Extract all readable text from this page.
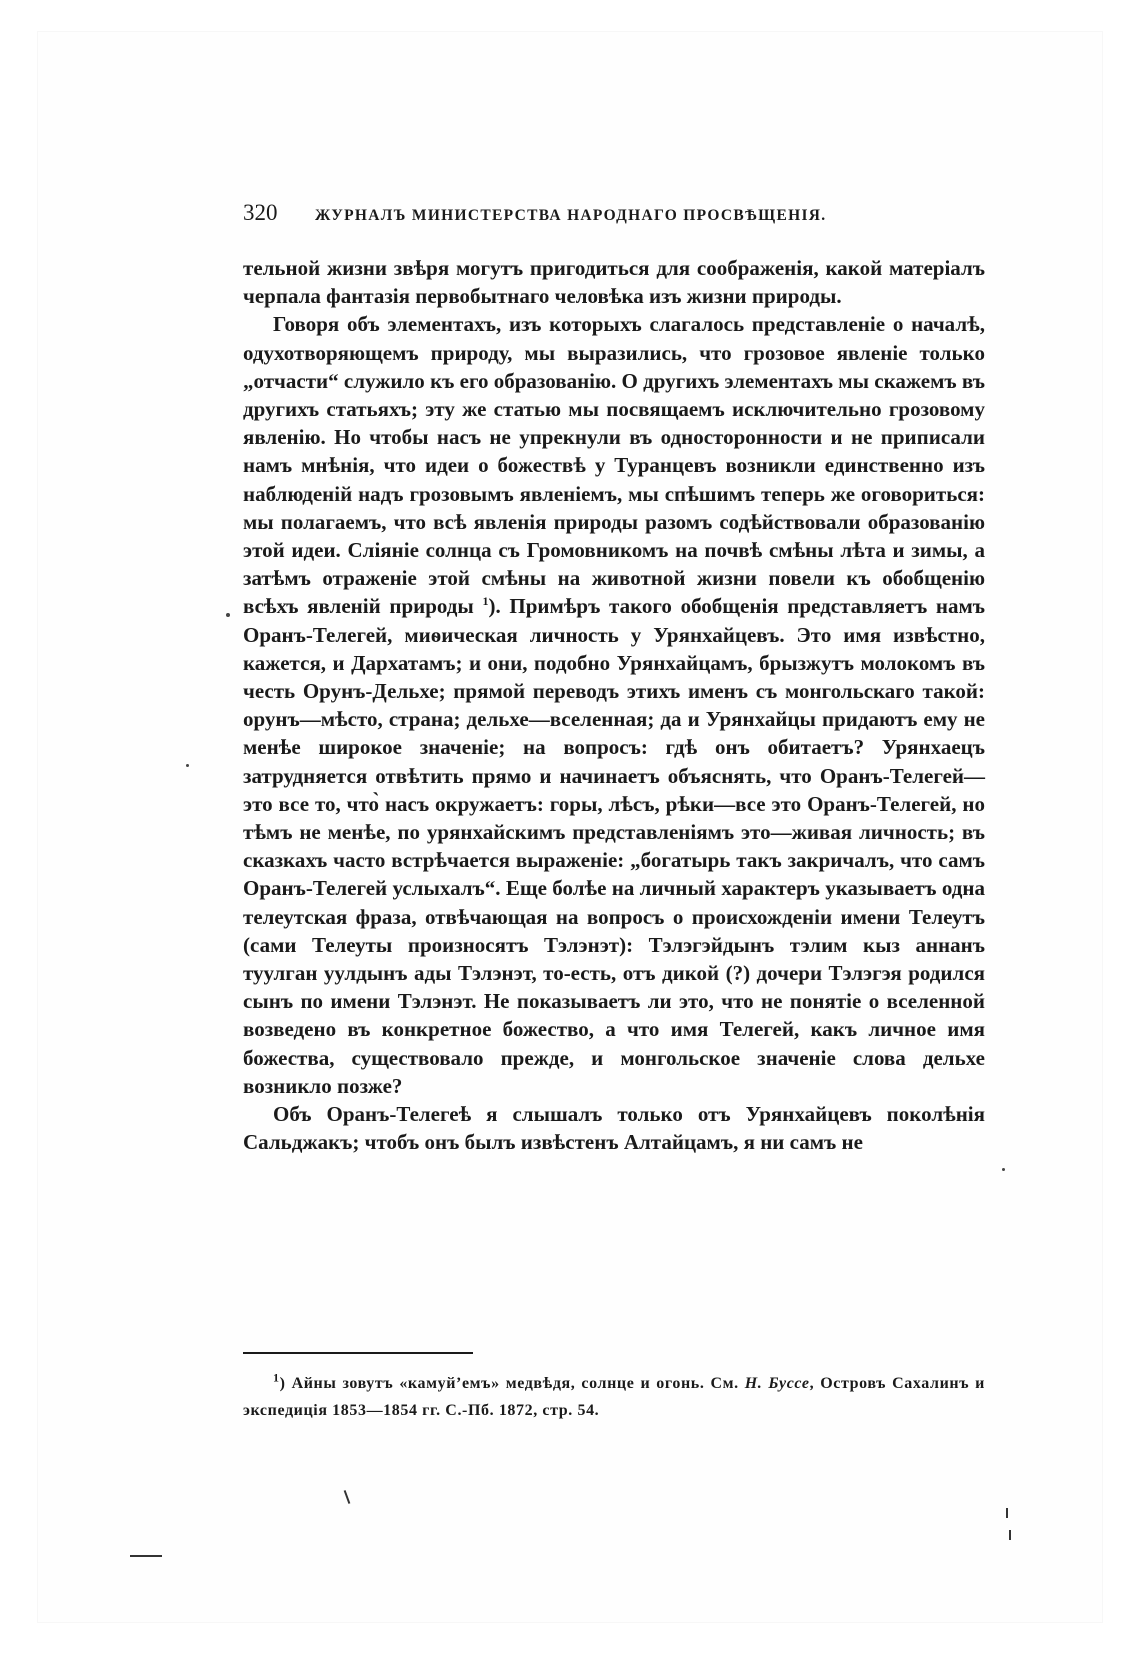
320	ЖУРНАЛЪ МИНИСТЕРСТВА НАРОДНАГО ПРОСВѢЩЕНІЯ.

тельной жизни звѣря могутъ пригодиться для соображенія, какой матеріалъ черпала фантазія первобытнаго человѣка изъ жизни природы.

Говоря объ элементахъ, изъ которыхъ слагалось представленіе о началѣ, одухотворяющемъ природу, мы выразились, что грозовое явленіе только „отчасти“ служило къ его образованію. О другихъ элементахъ мы скажемъ въ другихъ статьяхъ; эту же статью мы посвящаемъ исключительно грозовому явленію. Но чтобы насъ не упрекнули въ односторонности и не приписали намъ мнѣнія, что идеи о божествѣ у Туранцевъ возникли единственно изъ наблюденій надъ грозовымъ явленіемъ, мы спѣшимъ теперь же оговориться: мы полагаемъ, что всѣ явленія природы разомъ содѣйствовали образованію этой идеи. Сліяніе солнца съ Громовникомъ на почвѣ смѣны лѣта и зимы, а затѣмъ отраженіе этой смѣны на животной жизни повели къ обобщенію всѣхъ явленій природы $^1$). Примѣръ такого обобщенія представляетъ намъ Оранъ-Телегей, миѳическая личность у Урянхайцевъ. Это имя извѣстно, кажется, и Дархатамъ; и они, подобно Урянхайцамъ, брызжутъ молокомъ въ честь Орунъ-Дельхе; прямой переводъ этихъ именъ съ монгольскаго такой: орунъ—мѣсто, страна; дельхе—вселенная; да и Урянхайцы придаютъ ему не менѣе широкое значеніе; на вопросъ: гдѣ онъ обитаетъ? Урянхаецъ затрудняется отвѣтить прямо и начинаетъ объяснять, что Оранъ-Телегей—это все то, что̀ насъ окружаетъ: горы, лѣсъ, рѣки—все это Оранъ-Телегей, но тѣмъ не менѣе, по урянхайскимъ представленіямъ это—живая личность; въ сказкахъ часто встрѣчается выраженіе: „богатырь такъ закричалъ, что самъ Оранъ-Телегей услыхалъ“. Еще болѣе на личный характеръ указываетъ одна телеутская фраза, отвѣчающая на вопросъ о происхожденіи имени Телеутъ (сами Телеуты произносятъ Тэлэнэт): Тэлэгэйдынъ тэлим кыз аннанъ туулган уулдынъ ады Тэлэнэт, то-есть, отъ дикой (?) дочери Тэлэгэя родился сынъ по имени Тэлэнэт. Не показываетъ ли это, что не понятіе о вселенной возведено въ конкретное божество, а что имя Телегей, какъ личное имя божества, существовало прежде, и монгольское значеніе слова дельхе возникло позже?

Объ Оранъ-Телегеѣ я слышалъ только отъ Урянхайцевъ поколѣнія Сальджакъ; чтобъ онъ былъ извѣстенъ Алтайцамъ, я ни самъ не

$^1$) Айны зовутъ «камуй’емъ» медвѣдя, солнце и огонь. См. Н. Буссе, Островъ Сахалинъ и экспедиція 1853—1854 гг. С.-Пб. 1872, стр. 54.
